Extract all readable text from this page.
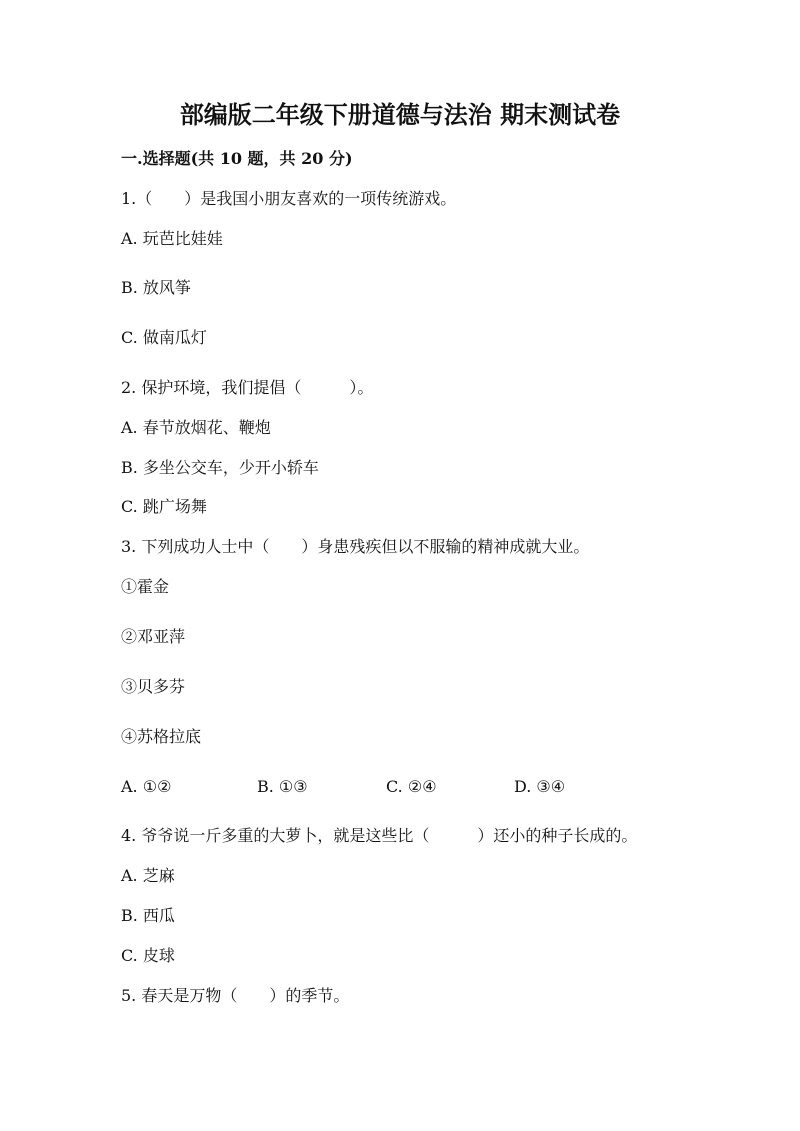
部编版二年级下册道德与法治 期末测试卷
一.选择题(共 10 题，共 20 分)
1.（　　）是我国小朋友喜欢的一项传统游戏。
A. 玩芭比娃娃
B. 放风筝
C. 做南瓜灯
2. 保护环境，我们提倡（　　　）。
A. 春节放烟花、鞭炮
B. 多坐公交车，少开小轿车
C. 跳广场舞
3. 下列成功人士中（　　）身患残疾但以不服输的精神成就大业。
①霍金
②邓亚萍
③贝多芬
④苏格拉底
A. ①②	B. ①③	C. ②④	D. ③④
4. 爷爷说一斤多重的大萝卜，就是这些比（　　　）还小的种子长成的。
A. 芝麻
B. 西瓜
C. 皮球
5. 春天是万物（　　）的季节。
